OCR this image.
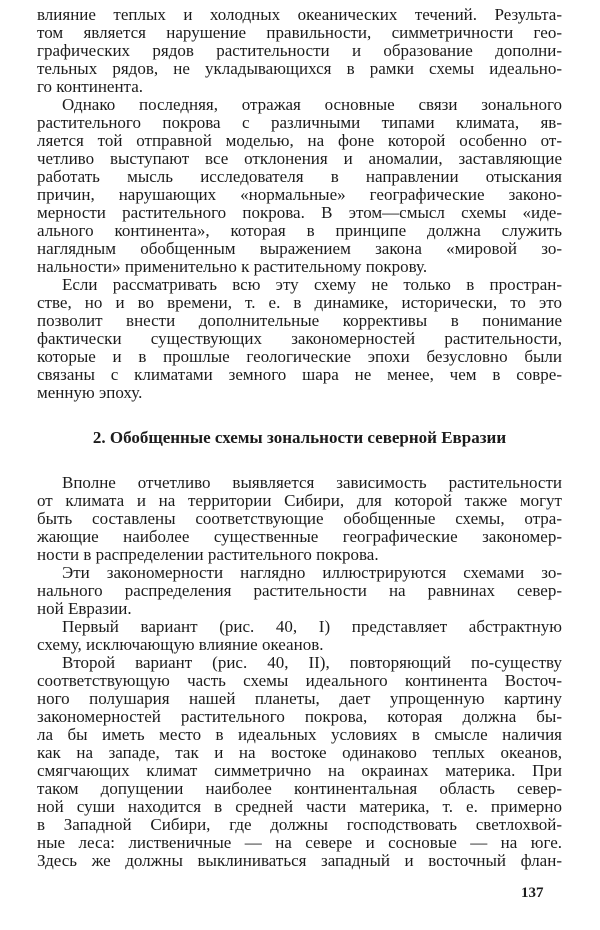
влияние теплых и холодных океанических течений. Результа-
том является нарушение правильности, симметричности гео-
графических рядов растительности и образование дополни-
тельных рядов, не укладывающихся в рамки схемы идеально-
го континента.
Однако последняя, отражая основные связи зонального
растительного покрова с различными типами климата, яв-
ляется той отправной моделью, на фоне которой особенно от-
четливо выступают все отклонения и аномалии, заставляющие
работать мысль исследователя в направлении отыскания
причин, нарушающих «нормальные» географические законо-
мерности растительного покрова. В этом—смысл схемы «иде-
ального континента», которая в принципе должна служить
наглядным обобщенным выражением закона «мировой зо-
нальности» применительно к растительному покрову.
Если рассматривать всю эту схему не только в простран-
стве, но и во времени, т. е. в динамике, исторически, то это
позволит внести дополнительные коррективы в понимание
фактически существующих закономерностей растительности,
которые и в прошлые геологические эпохи безусловно были
связаны с климатами земного шара не менее, чем в совре-
менную эпоху.
2. Обобщенные схемы зональности северной Евразии
Вполне отчетливо выявляется зависимость растительности
от климата и на территории Сибири, для которой также могут
быть составлены соответствующие обобщенные схемы, отра-
жающие наиболее существенные географические закономер-
ности в распределении растительного покрова.
Эти закономерности наглядно иллюстрируются схемами зо-
нального распределения растительности на равнинах север-
ной Евразии.
Первый вариант (рис. 40, I) представляет абстрактную
схему, исключающую влияние океанов.
Второй вариант (рис. 40, II), повторяющий по-существу
соответствующую часть схемы идеального континента Восточ-
ного полушария нашей планеты, дает упрощенную картину
закономерностей растительного покрова, которая должна бы-
ла бы иметь место в идеальных условиях в смысле наличия
как на западе, так и на востоке одинаково теплых океанов,
смягчающих климат симметрично на окраинах материка. При
таком допущении наиболее континентальная область север-
ной суши находится в средней части материка, т. е. примерно
в Западной Сибири, где должны господствовать светлохвой-
ные леса: лиственичные — на севере и сосновые — на юге.
Здесь же должны выклиниваться западный и восточный флан-
137
